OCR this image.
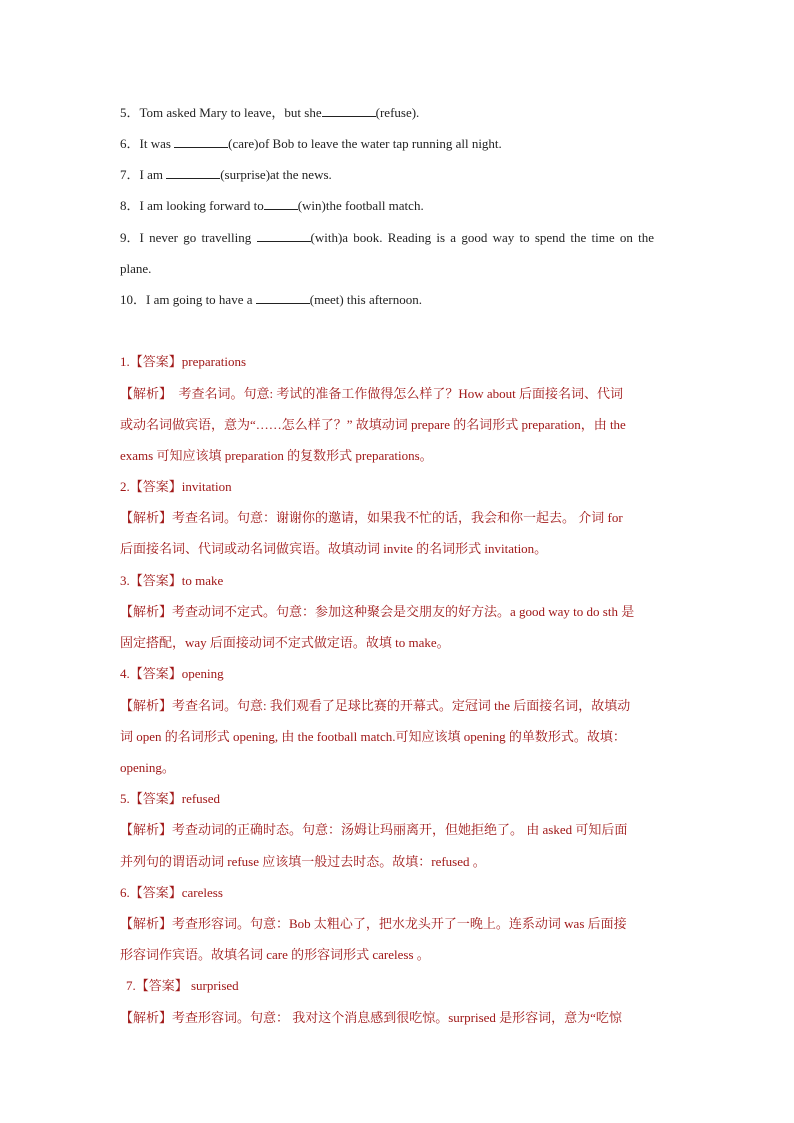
5．Tom asked Mary to leave，but she	(refuse).
6．It was	(care)of Bob to leave the water tap running all night.
7．I am	(surprise)at the news.
8．I am looking forward to	(win)the football match.
9．I never go travelling	(with)a book. Reading is a good way to spend the time on the
plane.
10．I am going to have a	(meet) this afternoon.
1.【答案】preparations
【解析】　考查名词。句意: 考试的准备工作做得怎么样了？How about 后面接名词、代词
或动名词做宾语，意为“……怎么样了？” 故填动词 prepare 的名词形式 preparation，由 the
exams 可知应该填 preparation 的复数形式 preparations。
2.【答案】invitation
【解析】考查名词。句意：谢谢你的邀请，如果我不忙的话，我会和你一起去。 介词 for
后面接名词、代词或动名词做宾语。故填动词 invite 的名词形式 invitation。
3.【答案】to make
【解析】考查动词不定式。句意：参加这种聚会是交朋友的好方法。a good way to do sth 是
固定搭配，way 后面接动词不定式做定语。故填 to make。
4.【答案】opening
【解析】考查名词。句意: 我们观看了足球比赛的开幕式。定冠词 the 后面接名词，故填动
词 open 的名词形式 opening, 由 the football match.可知应该填 opening 的单数形式。故填：
opening。
5.【答案】refused
【解析】考查动词的正确时态。句意：汤姆让玛丽离开，但她拒绝了。 由 asked 可知后面
并列句的谓语动词 refuse 应该填一般过去时态。故填：refused 。
6.【答案】careless
【解析】考查形容词。句意：Bob 太粗心了，把水龙头开了一晚上。连系动词 was 后面接
形容词作宾语。故填名词 care 的形容词形式 careless 。
7.【答案】 surprised
【解析】考查形容词。句意： 我对这个消息感到很吃惊。surprised 是形容词，意为“吃惊
